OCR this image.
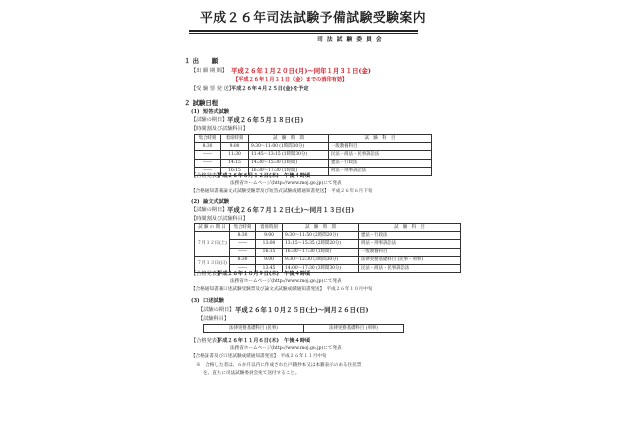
平成２６年司法試験予備試験受験案内
司 法 試 験 委 員 会
１ 出　　願
【出 願 期 間】 平成２６年１月２０日(月)～同年１月３１日(金)
【平成２６年１月３１日（金）までの消印有効】
【受 験 票 発 送】
平成２６年４月２５日(金)を予定
２ 試験日程
(1) 短答式試験
【試験の期日】 平成２６年５月１８日(日)
【時間割及び試験科目】
集合時刻	着席時刻	試　験　時　間	試　験　科　目
8:30	9:00	9:30～11:00 (1時間30分)	一般教養科目
――	11:30	11:45～13:15 (1時間30分)	民法・商法・民事訴訟法
――	14:15	14:30～15:30 (1時間)	憲法・行政法
――	16:15	16:30～17:30 (1時間)	刑法・刑事訴訟法
【合格発表】
平成２６年６月１２日(木)　午後４時頃
法務省ホームページ(http://www.moj.go.jp)にて発表
【合格通知書兼論文式試験受験票及び短答式試験成績通知書発送】　平成２６年６月下旬
(2) 論文式試験
【試験の期日】 平成２６年７月１２日(土)～同月１３日(日)
【時間割及び試験科目】
試 験 の 期 日	集合時刻	着席時刻	試　験　時　間	試　験　科　目
７月１２日(土)	8:30	9:00	9:30～11:50 (2時間20分)	憲法・行政法
	――	13:00	13:15～15:35 (2時間20分)	刑法・刑事訴訟法
	――	16:15	16:30～17:30 (1時間)	一般教養科目
７月１３日(日)	8:30	9:00	9:30～12:30 (3時間30分)	法律実務基礎科目 (民事・刑事)
	――	13:45	14:00～17:30 (3時間30分)	民法・商法・民事訴訟法
【合格発表】
平成２６年１０月９日(木)　午後４時頃
法務省ホームページ(http://www.moj.go.jp)にて発表
【合格通知書兼口述試験受験票及び論文式試験成績通知書発送】　平成２６年１０月中旬
(3) 口述試験
【試験の期日】 平成２６年１０月２５日(土)～同月２６日(日)
【試験科目】
法律実務基礎科目 (民事)	法律実務基礎科目 (刑事)
【合格発表】
平成２６年１１月６日(木)　午後４時頃
法務省ホームページ(http://www.moj.go.jp)にて発表
【合格証書及び口述試験成績通知書発送】　平成２６年１１月中旬
※　合格した者は、６か月以内に作成された戸籍抄本又は本籍表示のある住民票
を、直ちに司法試験委員会宛て送付すること。
